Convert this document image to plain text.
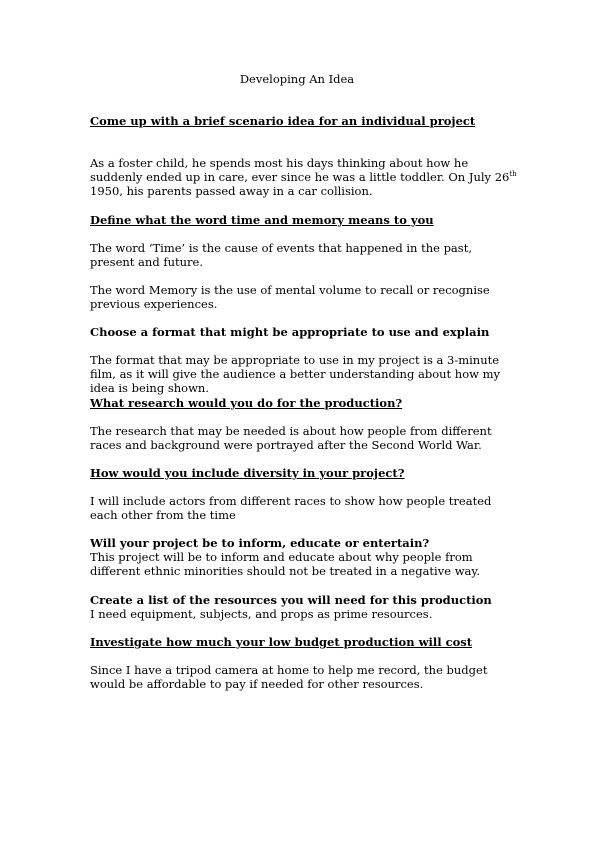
Developing An Idea
Come up with a brief scenario idea for an individual project
As a foster child, he spends most his days thinking about how he suddenly ended up in care, ever since he was a little toddler. On July 26th 1950, his parents passed away in a car collision.
Define what the word time and memory means to you
The word ‘Time’ is the cause of events that happened in the past, present and future.
The word Memory is the use of mental volume to recall or recognise previous experiences.
Choose a format that might be appropriate to use and explain
The format that may be appropriate to use in my project is a 3-minute film, as it will give the audience a better understanding about how my idea is being shown.
What research would you do for the production?
The research that may be needed is about how people from different races and background were portrayed after the Second World War.
How would you include diversity in your project?
I will include actors from different races to show how people treated each other from the time
Will your project be to inform, educate or entertain?
This project will be to inform and educate about why people from different ethnic minorities should not be treated in a negative way.
Create a list of the resources you will need for this production
I need equipment, subjects, and props as prime resources.
Investigate how much your low budget production will cost
Since I have a tripod camera at home to help me record, the budget would be affordable to pay if needed for other resources.
